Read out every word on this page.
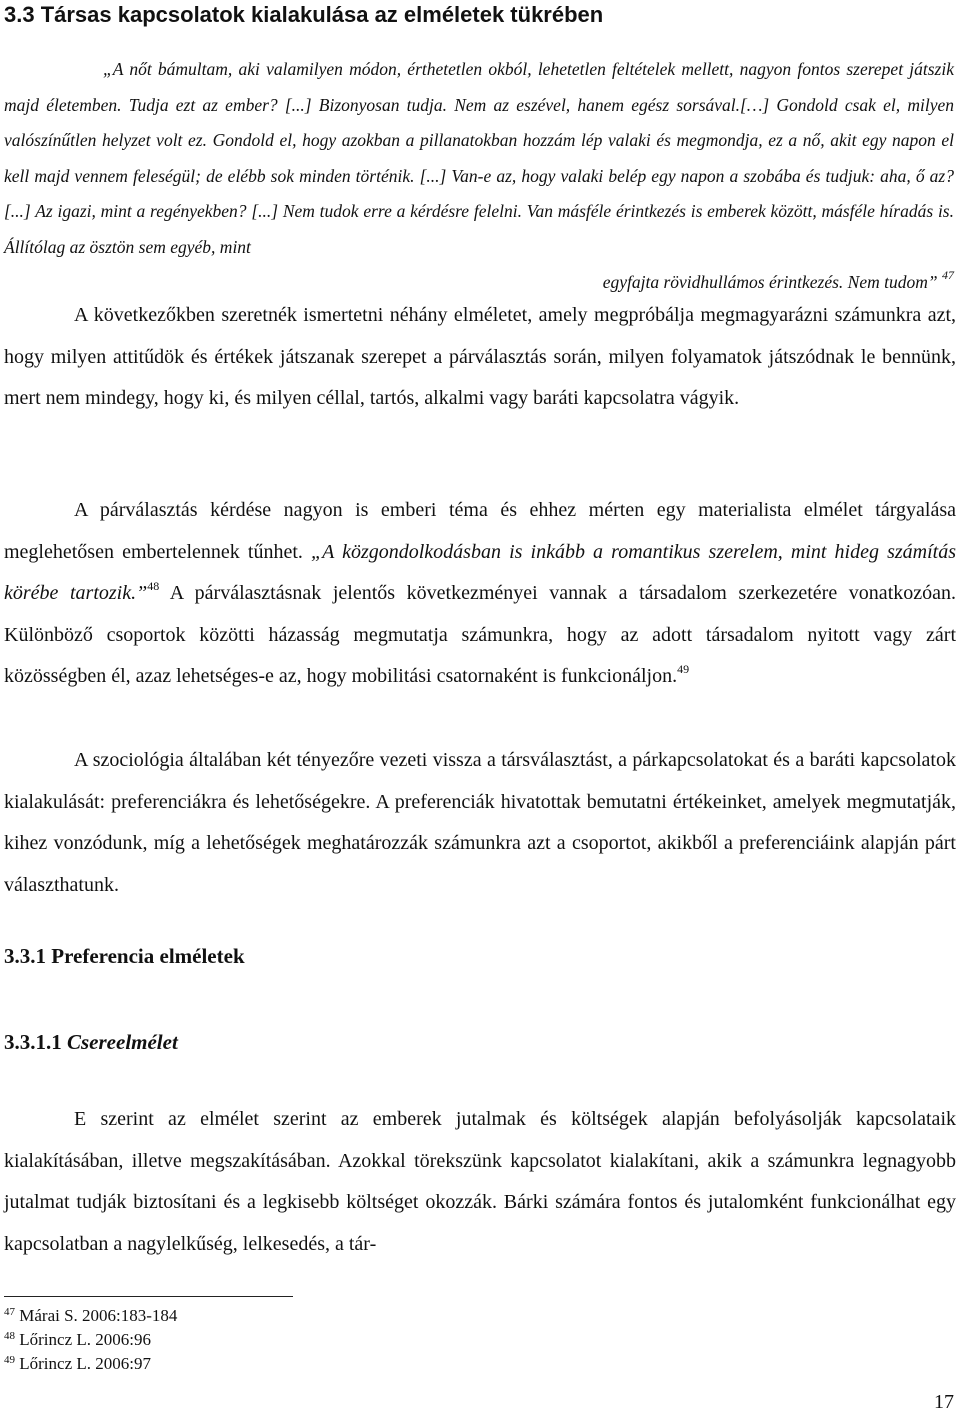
3.3 Társas kapcsolatok kialakulása az elméletek tükrében

„A nőt bámultam, aki valamilyen módon, érthetetlen okból, lehetetlen feltételek mellett, nagyon fontos szerepet játszik majd életemben. Tudja ezt az ember? [...] Bizonyosan tudja. Nem az eszével, hanem egész sorsával.[…] Gondold csak el, milyen valószínűtlen helyzet volt ez. Gondold el, hogy azokban a pillanatokban hozzám lép valaki és megmondja, ez a nő, akit egy napon el kell majd vennem feleségül; de elébb sok minden történik. [...] Van-e az, hogy valaki belép egy napon a szobába és tudjuk: aha, ő az? [...] Az igazi, mint a regényekben? [...] Nem tudok erre a kérdésre felelni. Van másféle érintkezés is emberek között, másféle híradás is. Állítólag az ösztön sem egyéb, mint
egyfajta rövidhullámos érintkezés. Nem tudom” $^{47}$

A következőkben szeretnék ismertetni néhány elméletet, amely megpróbálja megmagyarázni számunkra azt, hogy milyen attitűdök és értékek játszanak szerepet a párválasztás során, milyen folyamatok játszódnak le bennünk, mert nem mindegy, hogy ki, és milyen céllal, tartós, alkalmi vagy baráti kapcsolatra vágyik.

A párválasztás kérdése nagyon is emberi téma és ehhez mérten egy materialista elmélet tárgyalása meglehetősen embertelennek tűnhet. „A közgondolkodásban is inkább a romantikus szerelem, mint hideg számítás körébe tartozik.”$^{48}$ A párválasztásnak jelentős következményei vannak a társadalom szerkezetére vonatkozóan. Különböző csoportok közötti házasság megmutatja számunkra, hogy az adott társadalom nyitott vagy zárt közösségben él, azaz lehetséges-e az, hogy mobilitási csatornaként is funkcionáljon.$^{49}$

A szociológia általában két tényezőre vezeti vissza a társválasztást, a párkapcsolatokat és a baráti kapcsolatok kialakulását: preferenciákra és lehetőségekre. A preferenciák hivatottak bemutatni értékeinket, amelyek megmutatják, kihez vonzódunk, míg a lehetőségek meghatározzák számunkra azt a csoportot, akikből a preferenciáink alapján párt választhatunk.

3.3.1 Preferencia elméletek
3.3.1.1 Csereelmélet

E szerint az elmélet szerint az emberek jutalmak és költségek alapján befolyásolják kapcsolataik kialakításában, illetve megszakításában. Azokkal törekszünk kapcsolatot kialakítani, akik a számunkra legnagyobb jutalmat tudják biztosítani és a legkisebb költséget okozzák. Bárki számára fontos és jutalomként funkcionálhat egy kapcsolatban a nagylelkűség, lelkesedés, a tár-

$^{47}$ Márai S. 2006:183-184
$^{48}$ Lőrincz L. 2006:96
$^{49}$ Lőrincz L. 2006:97
17
